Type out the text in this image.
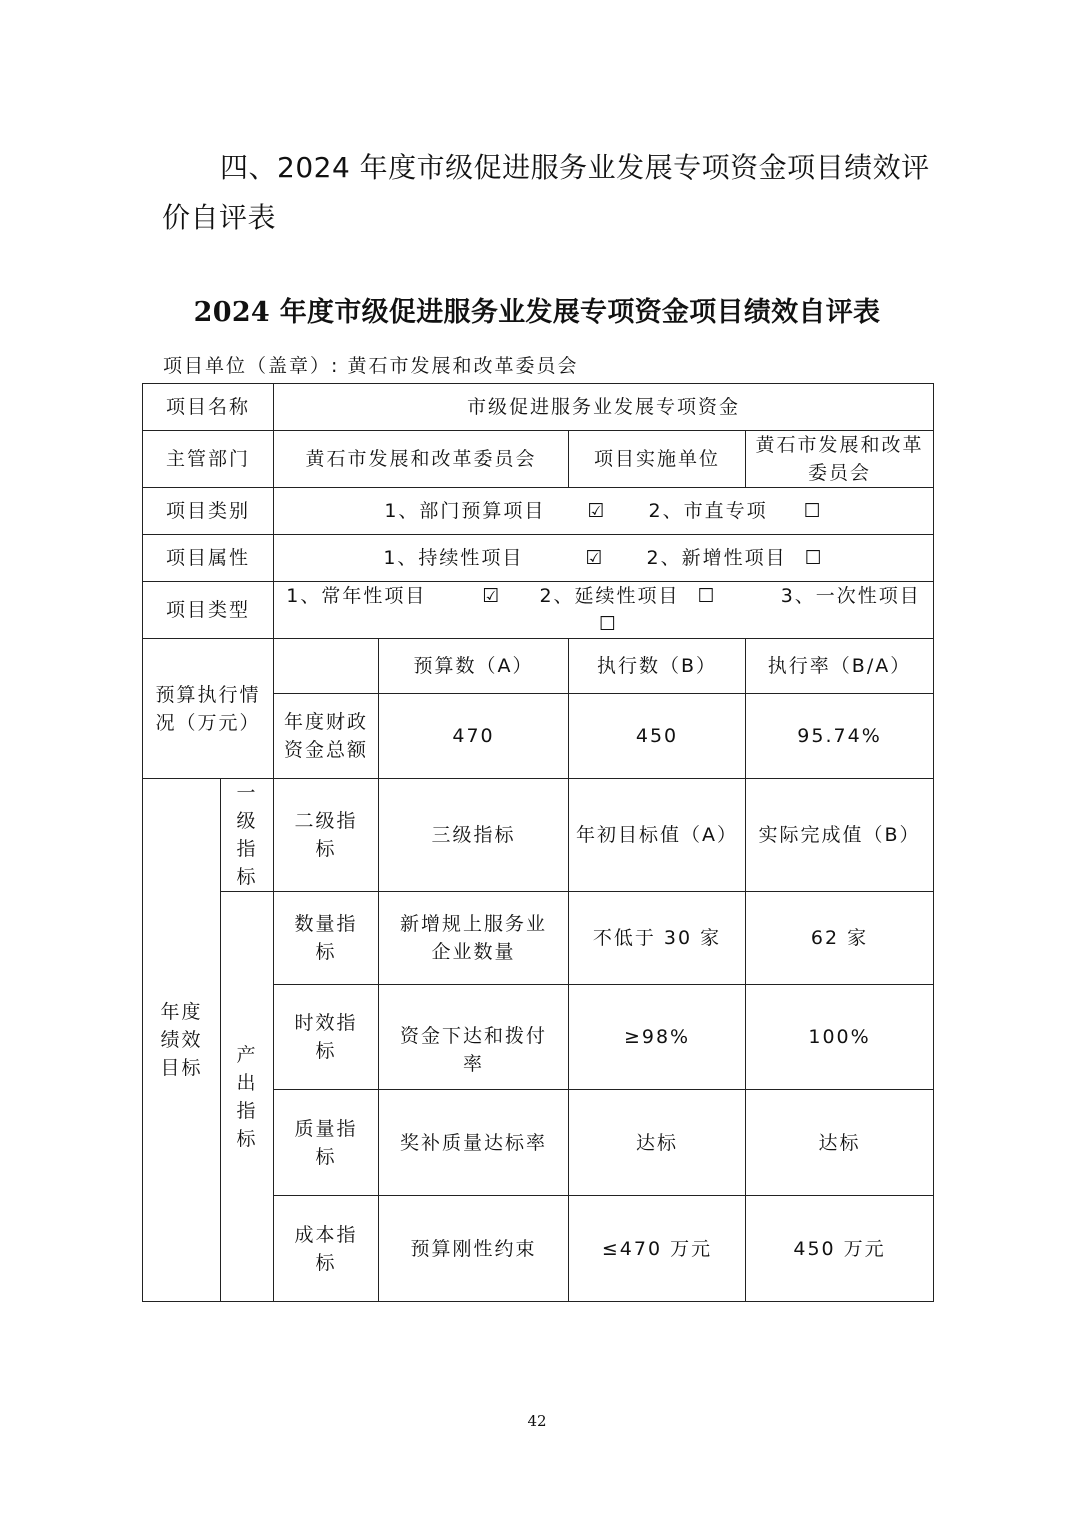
四、2024 年度市级促进服务业发展专项资金项目绩效评价自评表

2024 年度市级促进服务业发展专项资金项目绩效自评表

项目单位（盖章）: 黄石市发展和改革委员会
项目名称		市级促进服务业发展专项资金			
主管部门		黄石市发展和改革委员会		项目实施单位	黄石市发展和改革委员会
项目类别		1、部门预算项目 ☑ 2、市直专项 ☐			
项目属性		1、持续性项目 ☑ 2、新增性项目 ☐			
项目类型		1、常年性项目 ☑ 2、延续性项目 ☐ 3、一次性项目 ☐			
预算执行情况（万元）			预算数（A）	执行数（B）	执行率（B/A）
		年度财政资金总额	470	450	95.74%
年度绩效目标	一级指标	二级指标	三级指标	年初目标值（A）	实际完成值（B）
	产出指标	数量指标	新增规上服务业企业数量	不低于 30 家	62 家
		时效指标	资金下达和拨付率	≥98%	100%
		质量指标	奖补质量达标率	达标	达标
		成本指标	预算刚性约束	≤470 万元	450 万元
42
